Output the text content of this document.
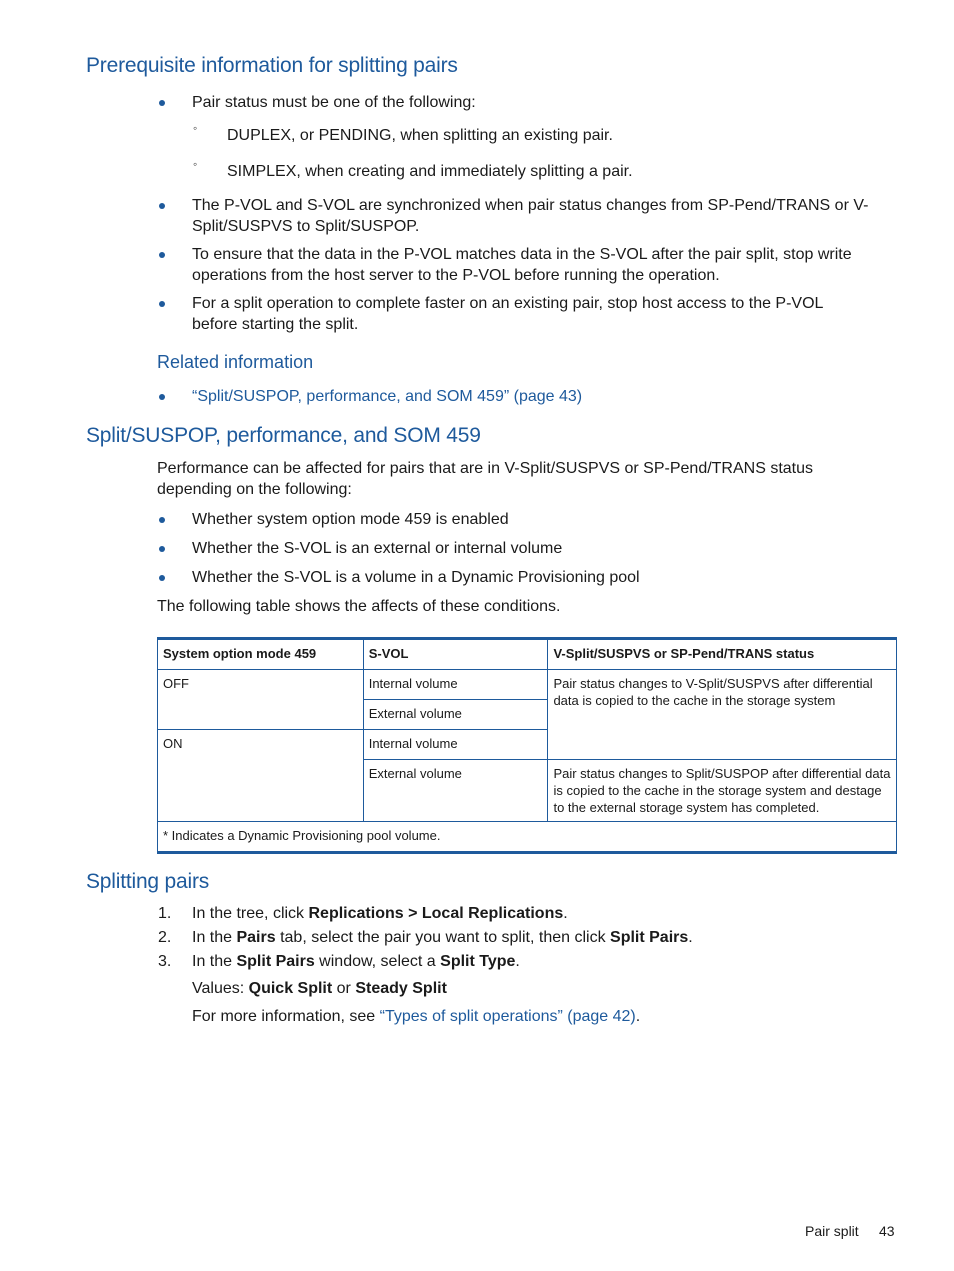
Prerequisite information for splitting pairs
Pair status must be one of the following:
◦ DUPLEX, or PENDING, when splitting an existing pair.
◦ SIMPLEX, when creating and immediately splitting a pair.
The P-VOL and S-VOL are synchronized when pair status changes from SP-Pend/TRANS or V-Split/SUSPVS to Split/SUSPOP.
To ensure that the data in the P-VOL matches data in the S-VOL after the pair split, stop write operations from the host server to the P-VOL before running the operation.
For a split operation to complete faster on an existing pair, stop host access to the P-VOL before starting the split.
Related information
“Split/SUSPOP, performance, and SOM 459” (page 43)
Split/SUSPOP, performance, and SOM 459
Performance can be affected for pairs that are in V-Split/SUSPVS or SP-Pend/TRANS status depending on the following:
Whether system option mode 459 is enabled
Whether the S-VOL is an external or internal volume
Whether the S-VOL is a volume in a Dynamic Provisioning pool
The following table shows the affects of these conditions.
System option mode 459	S-VOL	V-Split/SUSPVS or SP-Pend/TRANS status
OFF	Internal volume	Pair status changes to V-Split/SUSPVS after differential data is copied to the cache in the storage system
	External volume	
ON	Internal volume	
	External volume	Pair status changes to Split/SUSPOP after differential data is copied to the cache in the storage system and destage to the external storage system has completed.
* Indicates a Dynamic Provisioning pool volume.		
Splitting pairs
1. In the tree, click Replications > Local Replications.
2. In the Pairs tab, select the pair you want to split, then click Split Pairs.
3. In the Split Pairs window, select a Split Type.
Values: Quick Split or Steady Split
For more information, see “Types of split operations” (page 42).
Pair split 43
